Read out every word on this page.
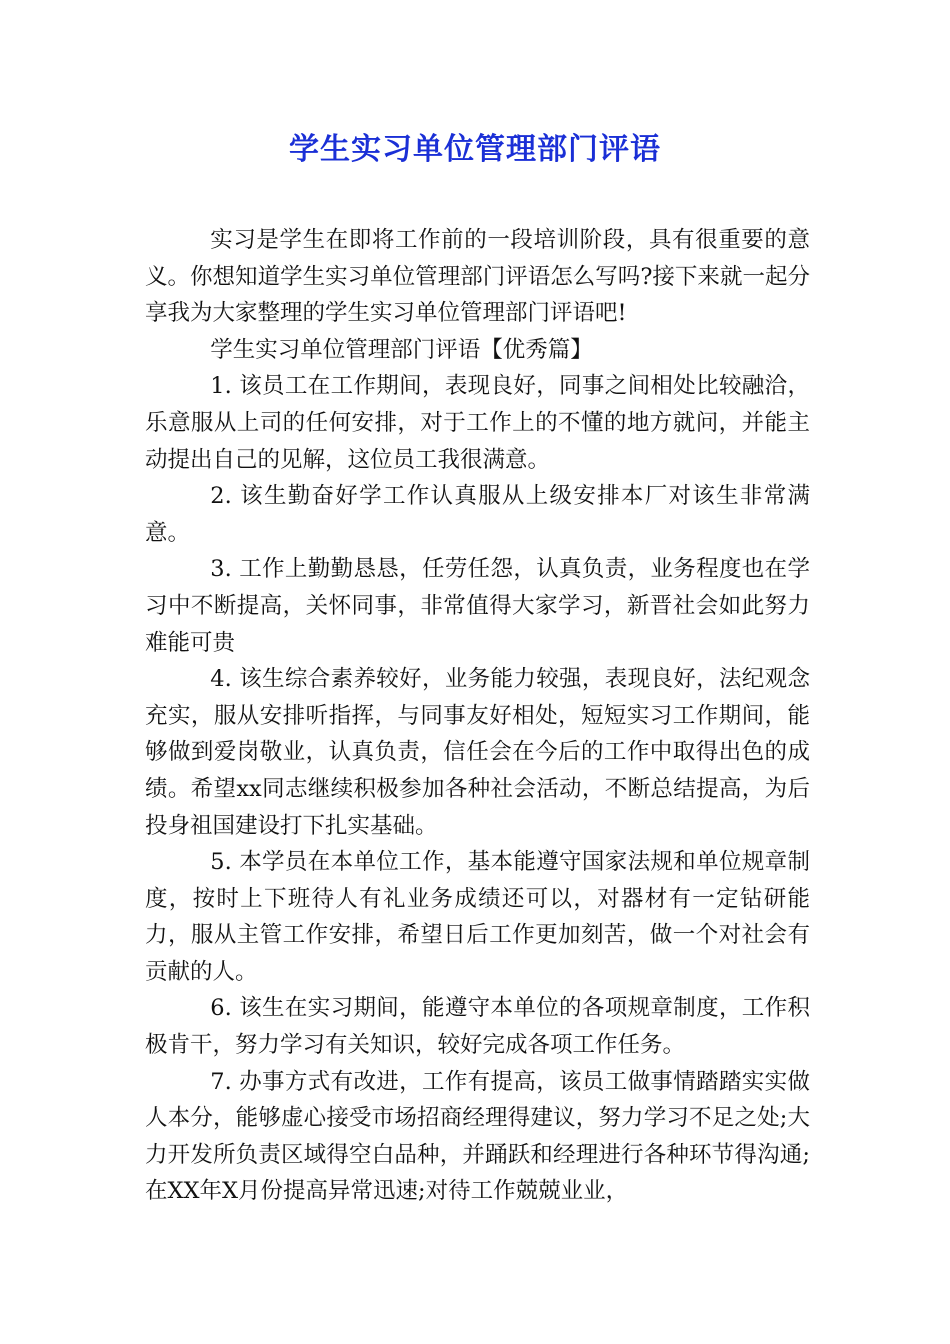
学生实习单位管理部门评语

实习是学生在即将工作前的一段培训阶段，具有很重要的意义。你想知道学生实习单位管理部门评语怎么写吗?接下来就一起分享我为大家整理的学生实习单位管理部门评语吧!

学生实习单位管理部门评语【优秀篇】

1. 该员工在工作期间，表现良好，同事之间相处比较融洽，乐意服从上司的任何安排，对于工作上的不懂的地方就问，并能主动提出自己的见解，这位员工我很满意。

2. 该生勤奋好学工作认真服从上级安排本厂对该生非常满意。

3. 工作上勤勤恳恳，任劳任怨，认真负责，业务程度也在学习中不断提高，关怀同事，非常值得大家学习，新晋社会如此努力难能可贵

4. 该生综合素养较好，业务能力较强，表现良好，法纪观念充实，服从安排听指挥，与同事友好相处，短短实习工作期间，能够做到爱岗敬业，认真负责，信任会在今后的工作中取得出色的成绩。希望xx同志继续积极参加各种社会活动，不断总结提高，为后投身祖国建设打下扎实基础。

5. 本学员在本单位工作，基本能遵守国家法规和单位规章制度，按时上下班待人有礼业务成绩还可以，对器材有一定钻研能力，服从主管工作安排，希望日后工作更加刻苦，做一个对社会有贡献的人。

6. 该生在实习期间，能遵守本单位的各项规章制度，工作积极肯干，努力学习有关知识，较好完成各项工作任务。

7. 办事方式有改进，工作有提高，该员工做事情踏踏实实做人本分，能够虚心接受市场招商经理得建议，努力学习不足之处;大力开发所负责区域得空白品种，并踊跃和经理进行各种环节得沟通;在XX年X月份提高异常迅速;对待工作兢兢业业，
